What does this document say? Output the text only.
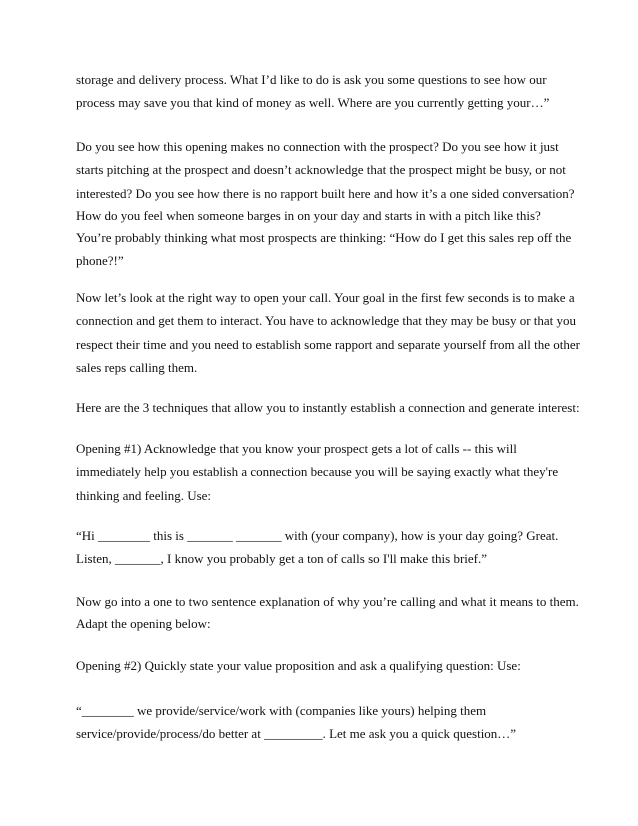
storage and delivery process. What I’d like to do is ask you some questions to see how our
process may save you that kind of money as well. Where are you currently getting your…”
Do you see how this opening makes no connection with the prospect? Do you see how it just
starts pitching at the prospect and doesn’t acknowledge that the prospect might be busy, or not
interested? Do you see how there is no rapport built here and how it’s a one sided conversation?
How do you feel when someone barges in on your day and starts in with a pitch like this?
You’re probably thinking what most prospects are thinking: “How do I get this sales rep off the
phone?!”
Now let’s look at the right way to open your call. Your goal in the first few seconds is to make a
connection and get them to interact. You have to acknowledge that they may be busy or that you
respect their time and you need to establish some rapport and separate yourself from all the other
sales reps calling them.
Here are the 3 techniques that allow you to instantly establish a connection and generate interest:
Opening #1) Acknowledge that you know your prospect gets a lot of calls -- this will
immediately help you establish a connection because you will be saying exactly what they're
thinking and feeling. Use:
“Hi ________ this is _______ _______ with (your company), how is your day going? Great.
Listen, _______, I know you probably get a ton of calls so I'll make this brief.”
Now go into a one to two sentence explanation of why you’re calling and what it means to them.
Adapt the opening below:
Opening #2) Quickly state your value proposition and ask a qualifying question: Use:
“________ we provide/service/work with (companies like yours) helping them
service/provide/process/do better at _________. Let me ask you a quick question…”
